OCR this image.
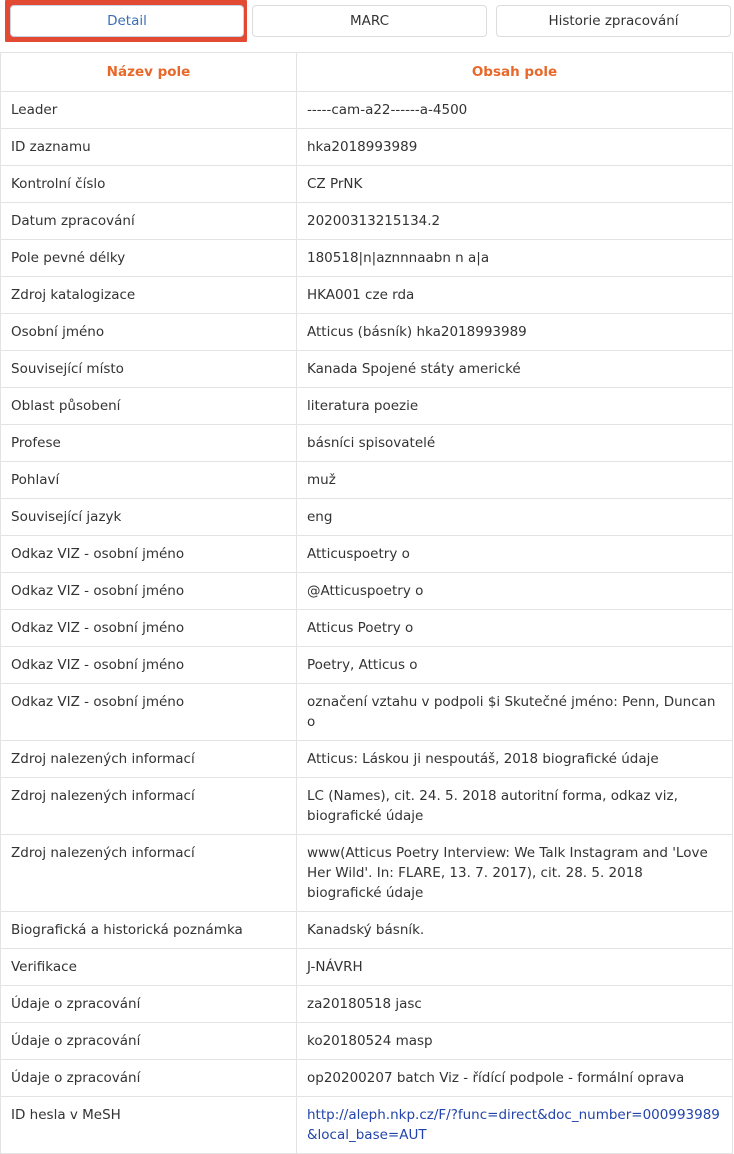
Detail	MARC	Historie zpracování
Název pole	Obsah pole
Leader	-----cam-a22------a-4500
ID zaznamu	hka2018993989
Kontrolní číslo	CZ PrNK
Datum zpracování	20200313215134.2
Pole pevné délky	180518|n|aznnnaabn n a|a
Zdroj katalogizace	HKA001 cze rda
Osobní jméno	Atticus (básník) hka2018993989
Související místo	Kanada Spojené státy americké
Oblast působení	literatura poezie
Profese	básníci spisovatelé
Pohlaví	muž
Související jazyk	eng
Odkaz VIZ - osobní jméno	Atticuspoetry o
Odkaz VIZ - osobní jméno	@Atticuspoetry o
Odkaz VIZ - osobní jméno	Atticus Poetry o
Odkaz VIZ - osobní jméno	Poetry, Atticus o
Odkaz VIZ - osobní jméno	označení vztahu v podpoli $i Skutečné jméno: Penn, Duncan o
Zdroj nalezených informací	Atticus: Láskou ji nespoutáš, 2018 biografické údaje
Zdroj nalezených informací	LC (Names), cit. 24. 5. 2018 autoritní forma, odkaz viz, biografické údaje
Zdroj nalezených informací	www(Atticus Poetry Interview: We Talk Instagram and 'Love Her Wild'. In: FLARE, 13. 7. 2017), cit. 28. 5. 2018 biografické údaje
Biografická a historická poznámka	Kanadský básník.
Verifikace	J-NÁVRH
Údaje o zpracování	za20180518 jasc
Údaje o zpracování	ko20180524 masp
Údaje o zpracování	op20200207 batch Viz - řídící podpole - formální oprava
ID hesla v MeSH	http://aleph.nkp.cz/F/?func=direct&doc_number=000993989&local_base=AUT
